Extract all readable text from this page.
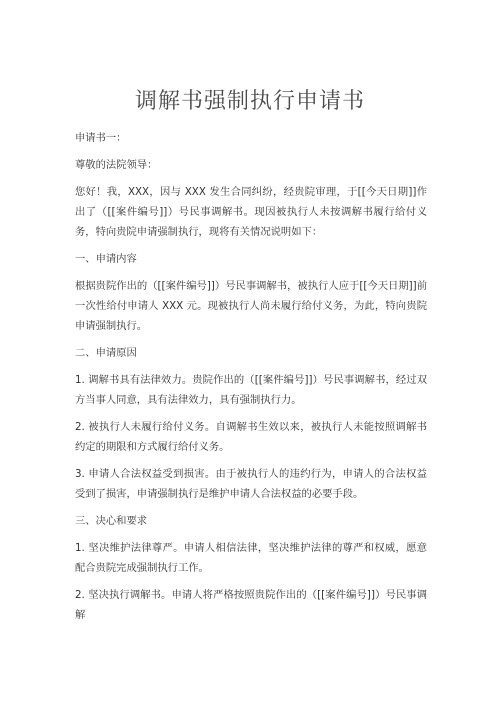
调解书强制执行申请书

申请书一：

尊敬的法院领导：

您好！我，XXX，因与 XXX 发生合同纠纷，经贵院审理，于[[今天日期]]作出了（[[案件编号]]）号民事调解书。现因被执行人未按调解书履行给付义务，特向贵院申请强制执行，现将有关情况说明如下：

一、申请内容

根据贵院作出的（[[案件编号]]）号民事调解书，被执行人应于[[今天日期]]前一次性给付申请人 XXX 元。现被执行人尚未履行给付义务，为此，特向贵院申请强制执行。

二、申请原因

1. 调解书具有法律效力。贵院作出的（[[案件编号]]）号民事调解书，经过双方当事人同意，具有法律效力，具有强制执行力。

2. 被执行人未履行给付义务。自调解书生效以来，被执行人未能按照调解书约定的期限和方式履行给付义务。

3. 申请人合法权益受到损害。由于被执行人的违约行为，申请人的合法权益受到了损害，申请强制执行是维护申请人合法权益的必要手段。

三、决心和要求

1. 坚决维护法律尊严。申请人相信法律，坚决维护法律的尊严和权威，愿意配合贵院完成强制执行工作。

2. 坚决执行调解书。申请人将严格按照贵院作出的（[[案件编号]]）号民事调解
